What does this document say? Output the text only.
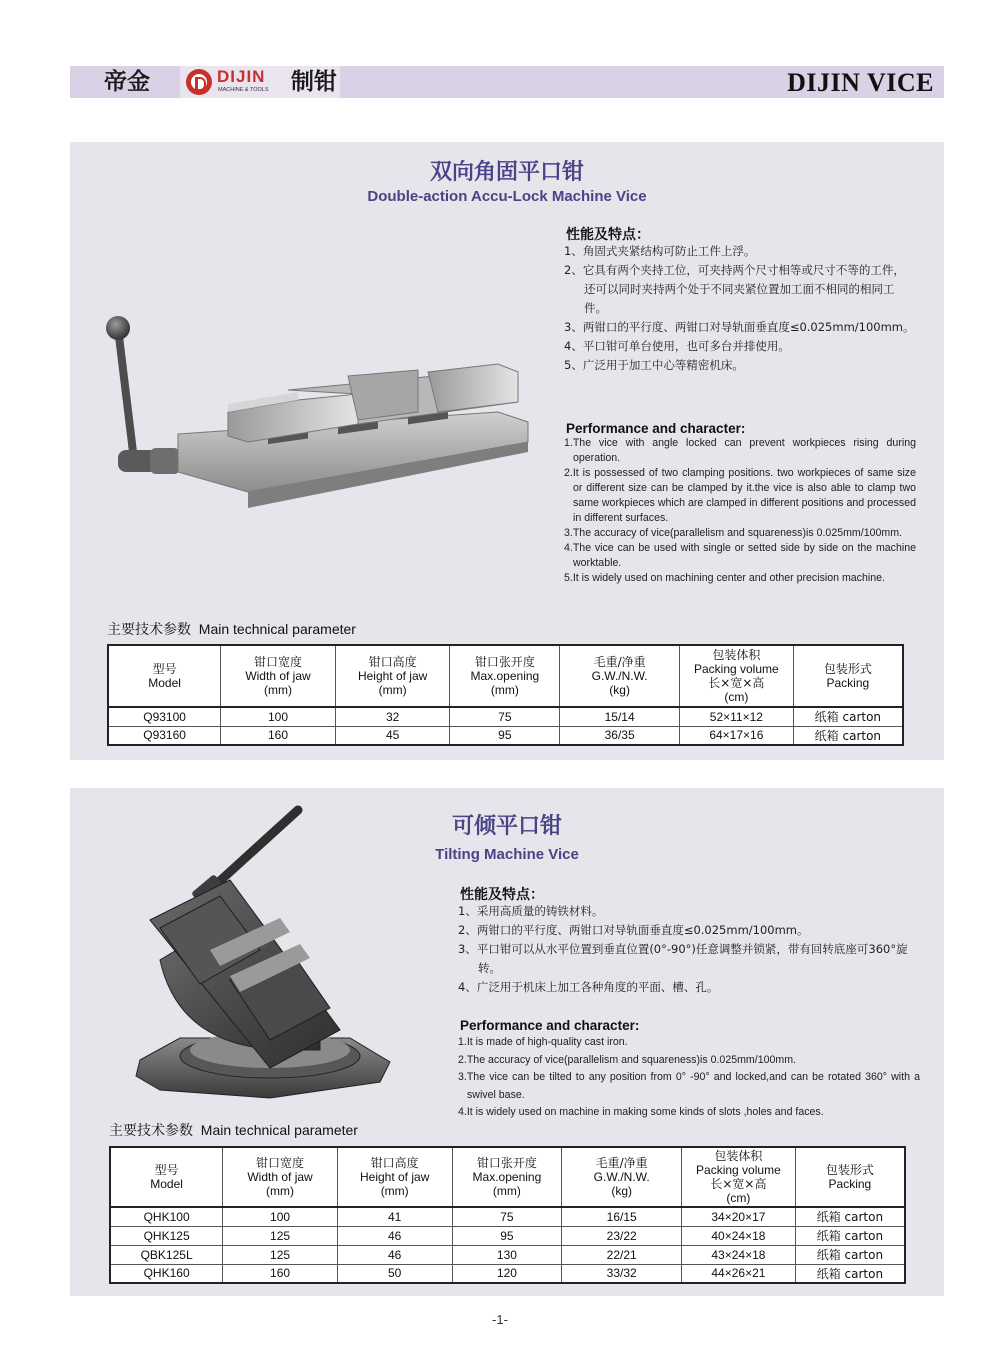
帝金	DIJIN
MACHINE & TOOLS 制钳	DIJIN VICE
双向角固平口钳
Double-action Accu-Lock Machine Vice
性能及特点：
1、角固式夹紧结构可防止工件上浮。
2、它具有两个夹持工位，可夹持两个尺寸相等或尺寸不等的工件，还可以同时夹持两个处于不同夹紧位置加工面不相同的相同工件。
3、两钳口的平行度、两钳口对导轨面垂直度≤0.025mm/100mm。
4、平口钳可单台使用，也可多台并排使用。
5、广泛用于加工中心等精密机床。
Performance and character:
1.The vice with angle locked can prevent workpieces rising during operation.
2.It is possessed of two clamping positions. two workpieces of same size or different size can be clamped by it.the vice is also able to clamp two same workpieces which are clamped in different positions and processed in different surfaces.
3.The accuracy of vice(parallelism and squareness)is 0.025mm/100mm.
4.The vice can be used with single or setted side by side on the machine worktable.
5.It is widely used on machining center and other precision machine.
主要技术参数 Main technical parameter
型号
Model	钳口宽度
Width of jaw
(mm)	钳口高度
Height of jaw
(mm)	钳口张开度
Max.opening
(mm)	毛重/净重
G.W./N.W.
(kg)	包装体积
Packing volume
长×宽×高
(cm)	包装形式
Packing
Q93100	100	32	75	15/14	52×11×12	纸箱 carton
Q93160	160	45	95	36/35	64×17×16	纸箱 carton
可倾平口钳
Tilting Machine Vice
性能及特点：
1、采用高质量的铸铁材料。
2、两钳口的平行度、两钳口对导轨面垂直度≤0.025mm/100mm。
3、平口钳可以从水平位置到垂直位置(0°-90°)任意调整并锁紧，带有回转底座可360°旋转。
4、广泛用于机床上加工各种角度的平面、槽、孔。
Performance and character:
1.It is made of high-quality cast iron.
2.The accuracy of vice(parallelism and squareness)is 0.025mm/100mm.
3.The vice can be tilted to any position from 0° -90° and locked,and can be rotated 360° with a swivel base.
4.It is widely used on machine in making some kinds of slots ,holes and faces.
主要技术参数 Main technical parameter
型号
Model	钳口宽度
Width of jaw
(mm)	钳口高度
Height of jaw
(mm)	钳口张开度
Max.opening
(mm)	毛重/净重
G.W./N.W.
(kg)	包装体积
Packing volume
长×宽×高
(cm)	包装形式
Packing
QHK100	100	41	75	16/15	34×20×17	纸箱 carton
QHK125	125	46	95	23/22	40×24×18	纸箱 carton
QBK125L	125	46	130	22/21	43×24×18	纸箱 carton
QHK160	160	50	120	33/32	44×26×21	纸箱 carton
-1-
